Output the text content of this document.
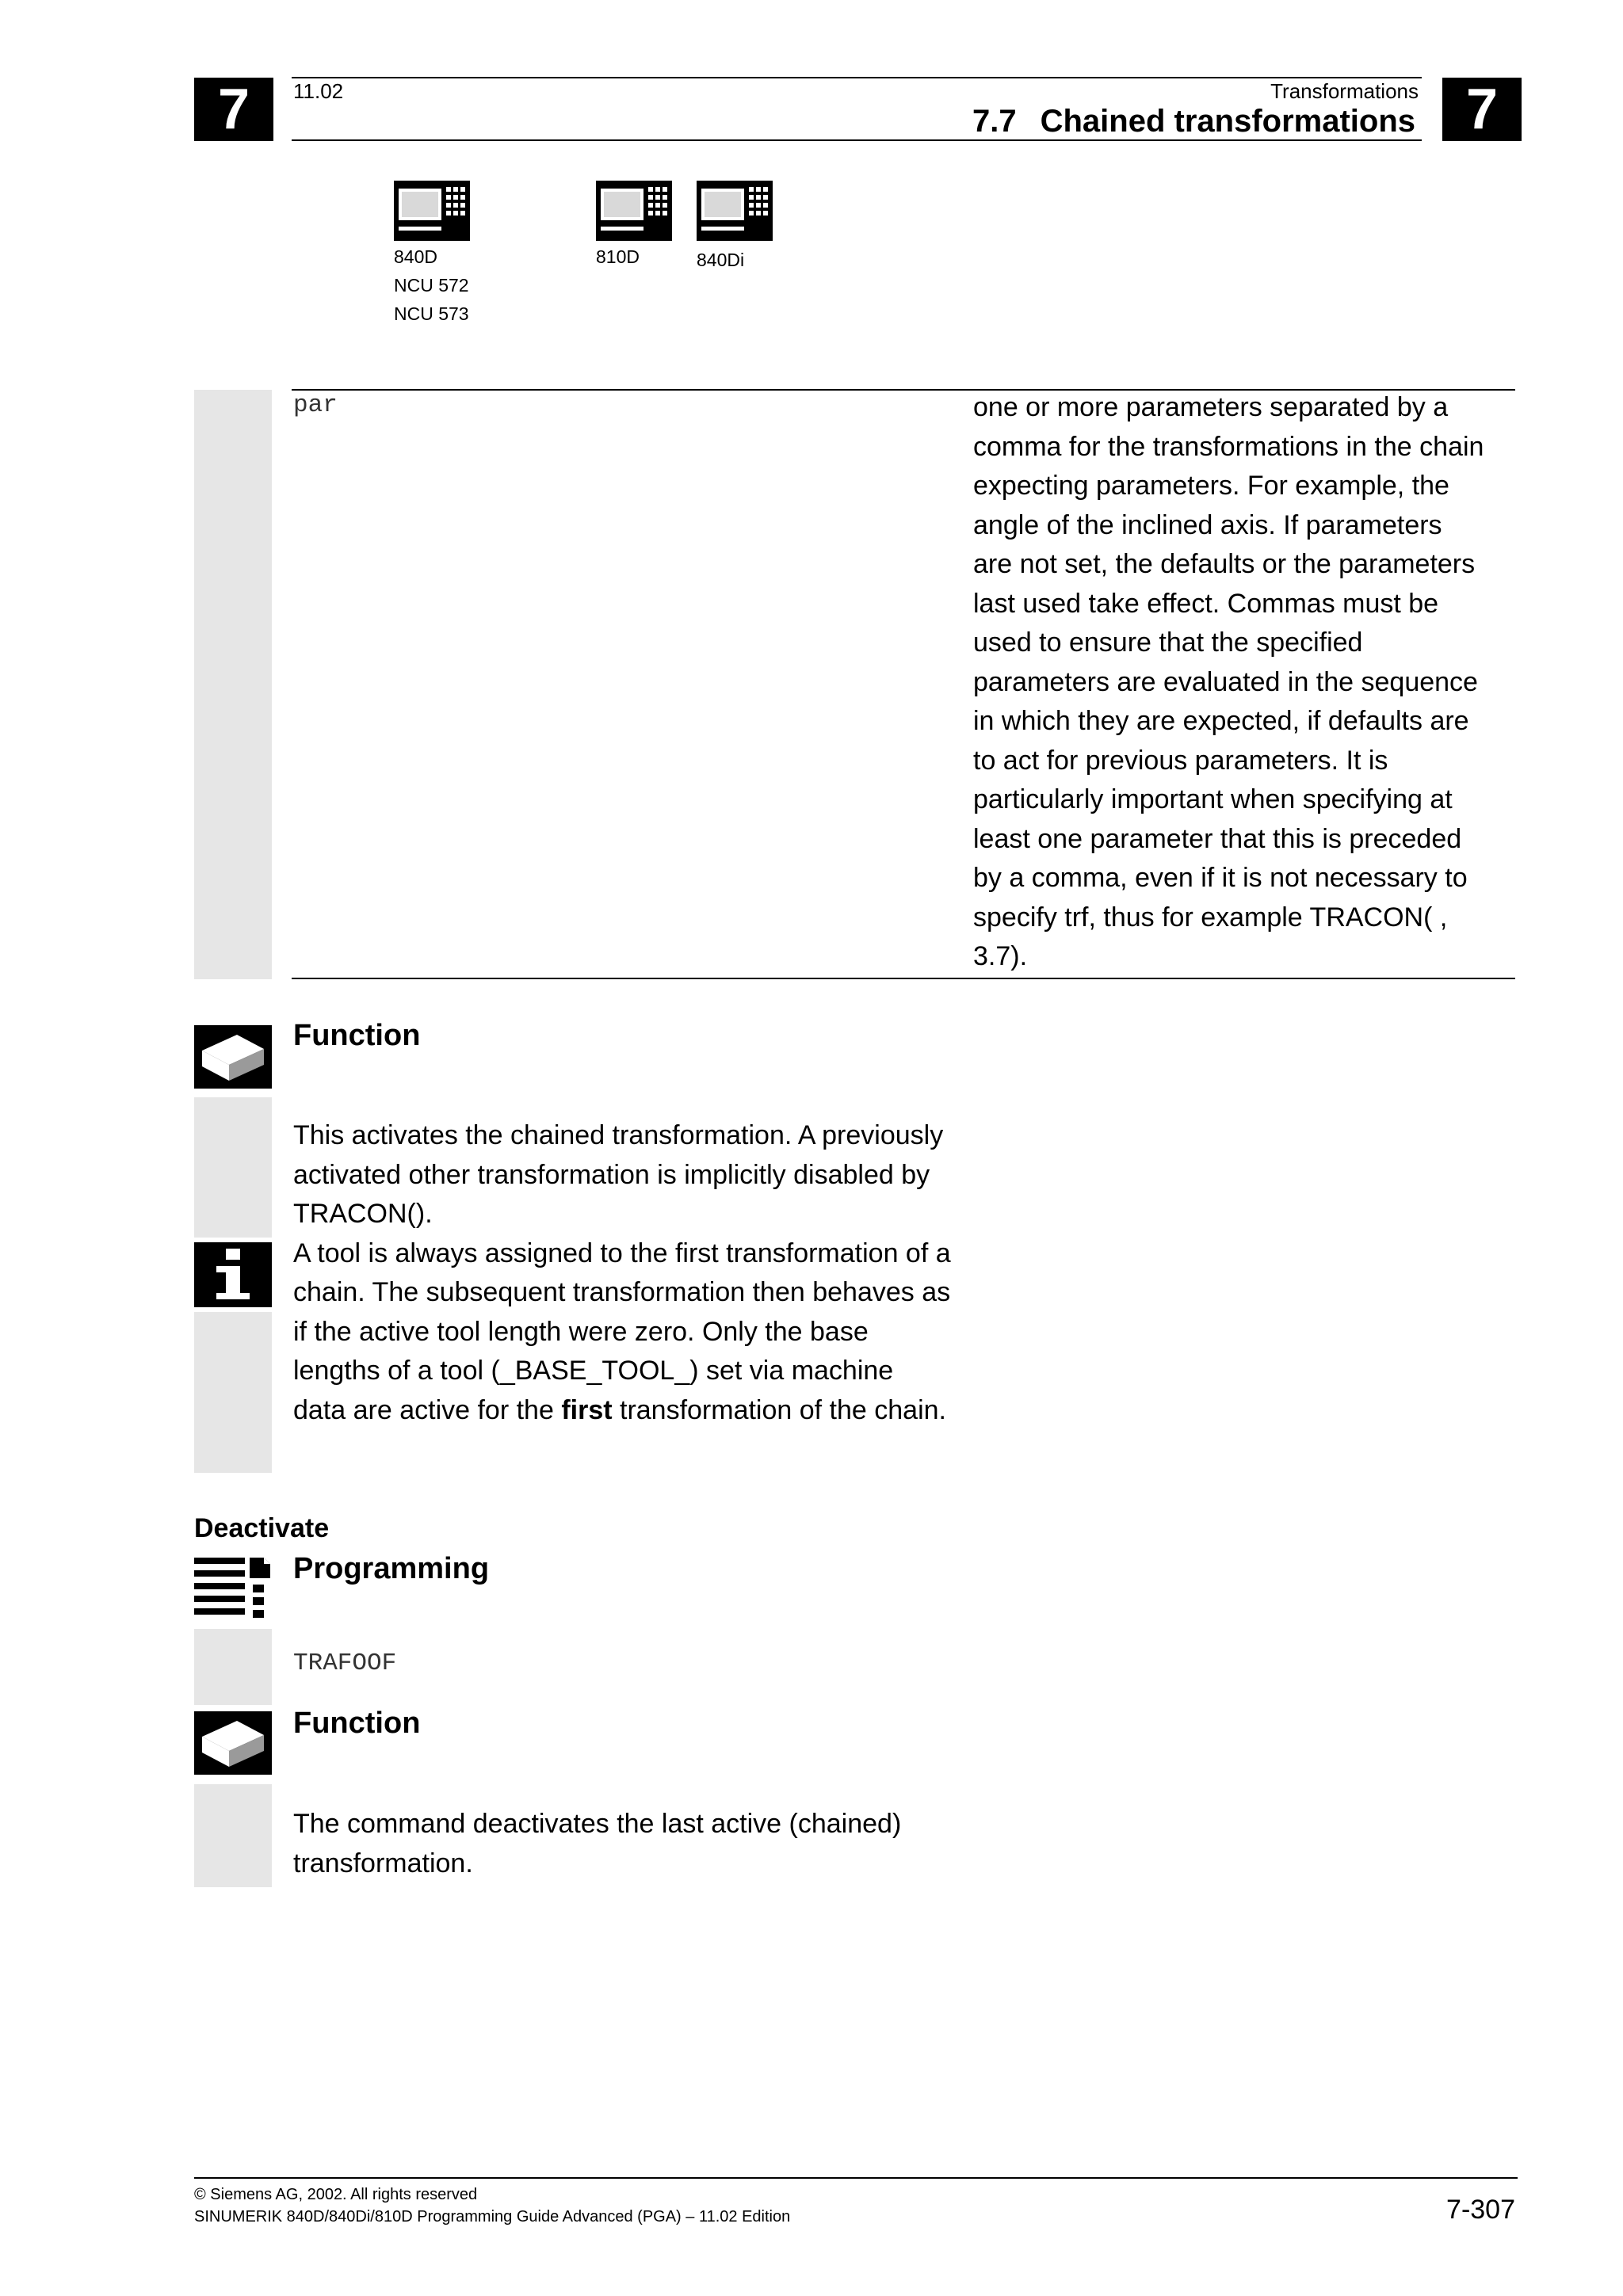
7	7
11.02	Transformations
7.7 Chained transformations
840D
NCU 572
NCU 573
810D	840Di
par	one or more parameters separated by a comma for the transformations in the chain expecting parameters. For example, the angle of the inclined axis. If parameters are not set, the defaults or the parameters last used take effect. Commas must be used to ensure that the specified parameters are evaluated in the sequence in which they are expected, if defaults are to act for previous parameters. It is particularly important when specifying at least one parameter that this is preceded by a comma, even if it is not necessary to specify trf, thus for example TRACON( , 3.7).
Function

This activates the chained transformation. A previously activated other transformation is implicitly disabled by TRACON().

A tool is always assigned to the first transformation of a chain. The subsequent transformation then behaves as if the active tool length were zero. Only the base lengths of a tool (_BASE_TOOL_) set via machine data are active for the first transformation of the chain.

Deactivate
Programming
TRAFOOF
Function
The command deactivates the last active (chained) transformation.
© Siemens AG, 2002. All rights reserved
SINUMERIK 840D/840Di/810D Programming Guide Advanced (PGA) – 11.02 Edition	7-307
